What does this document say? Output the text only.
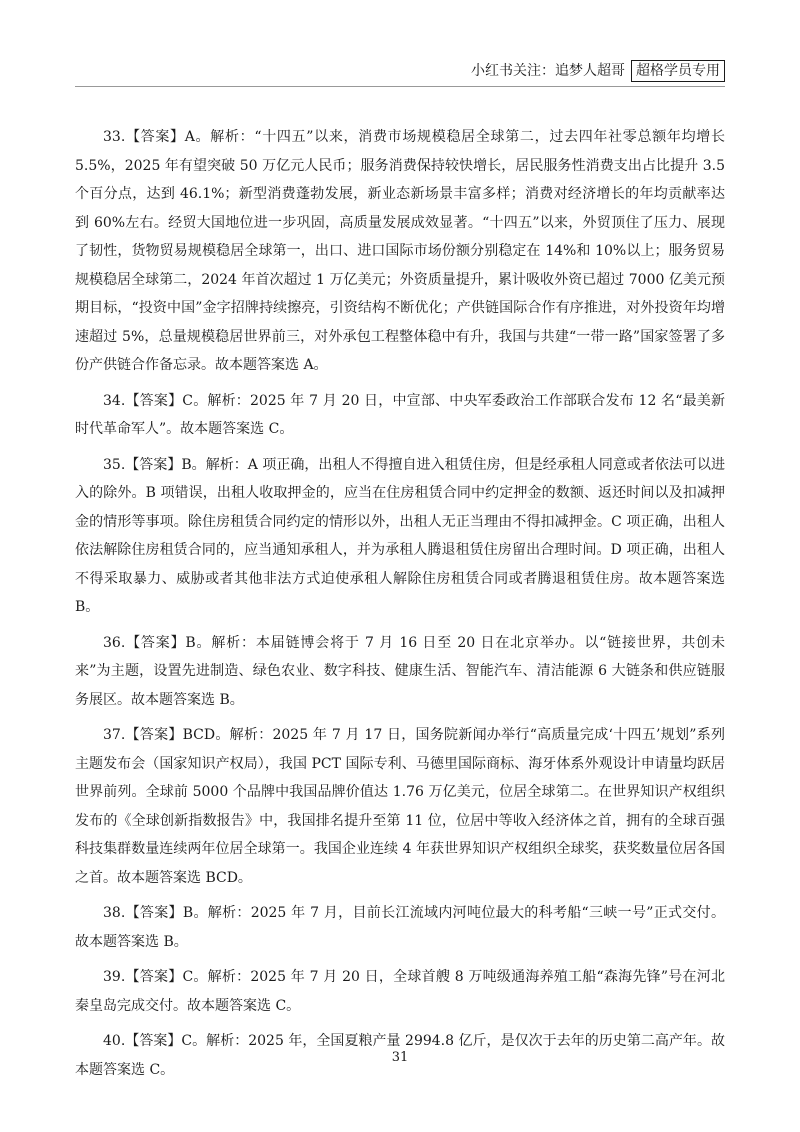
小红书关注：追梦人超哥 超格学员专用

33.【答案】A。解析：“十四五”以来，消费市场规模稳居全球第二，过去四年社零总额年均增长 5.5%，2025 年有望突破 50 万亿元人民币；服务消费保持较快增长，居民服务性消费支出占比提升 3.5 个百分点，达到 46.1%；新型消费蓬勃发展，新业态新场景丰富多样；消费对经济增长的年均贡献率达到 60%左右。经贸大国地位进一步巩固，高质量发展成效显著。“十四五”以来，外贸顶住了压力、展现了韧性，货物贸易规模稳居全球第一，出口、进口国际市场份额分别稳定在 14%和 10%以上；服务贸易规模稳居全球第二，2024 年首次超过 1 万亿美元；外资质量提升，累计吸收外资已超过 7000 亿美元预期目标，“投资中国”金字招牌持续擦亮，引资结构不断优化；产供链国际合作有序推进，对外投资年均增速超过 5%，总量规模稳居世界前三，对外承包工程整体稳中有升，我国与共建“一带一路”国家签署了多份产供链合作备忘录。故本题答案选 A。

34.【答案】C。解析：2025 年 7 月 20 日，中宣部、中央军委政治工作部联合发布 12 名“最美新时代革命军人”。故本题答案选 C。

35.【答案】B。解析：A 项正确，出租人不得擅自进入租赁住房，但是经承租人同意或者依法可以进入的除外。B 项错误，出租人收取押金的，应当在住房租赁合同中约定押金的数额、返还时间以及扣减押金的情形等事项。除住房租赁合同约定的情形以外，出租人无正当理由不得扣减押金。C 项正确，出租人依法解除住房租赁合同的，应当通知承租人，并为承租人腾退租赁住房留出合理时间。D 项正确，出租人不得采取暴力、威胁或者其他非法方式迫使承租人解除住房租赁合同或者腾退租赁住房。故本题答案选 B。

36.【答案】B。解析：本届链博会将于 7 月 16 日至 20 日在北京举办。以“链接世界，共创未来”为主题，设置先进制造、绿色农业、数字科技、健康生活、智能汽车、清洁能源 6 大链条和供应链服务展区。故本题答案选 B。

37.【答案】BCD。解析：2025 年 7 月 17 日，国务院新闻办举行“高质量完成‘十四五’规划”系列主题发布会（国家知识产权局），我国 PCT 国际专利、马德里国际商标、海牙体系外观设计申请量均跃居世界前列。全球前 5000 个品牌中我国品牌价值达 1.76 万亿美元，位居全球第二。在世界知识产权组织发布的《全球创新指数报告》中，我国排名提升至第 11 位，位居中等收入经济体之首，拥有的全球百强科技集群数量连续两年位居全球第一。我国企业连续 4 年获世界知识产权组织全球奖，获奖数量位居各国之首。故本题答案选 BCD。

38.【答案】B。解析：2025 年 7 月，目前长江流域内河吨位最大的科考船“三峡一号”正式交付。故本题答案选 B。

39.【答案】C。解析：2025 年 7 月 20 日，全球首艘 8 万吨级通海养殖工船“森海先锋”号在河北秦皇岛完成交付。故本题答案选 C。

40.【答案】C。解析：2025 年，全国夏粮产量 2994.8 亿斤，是仅次于去年的历史第二高产年。故本题答案选 C。

31
